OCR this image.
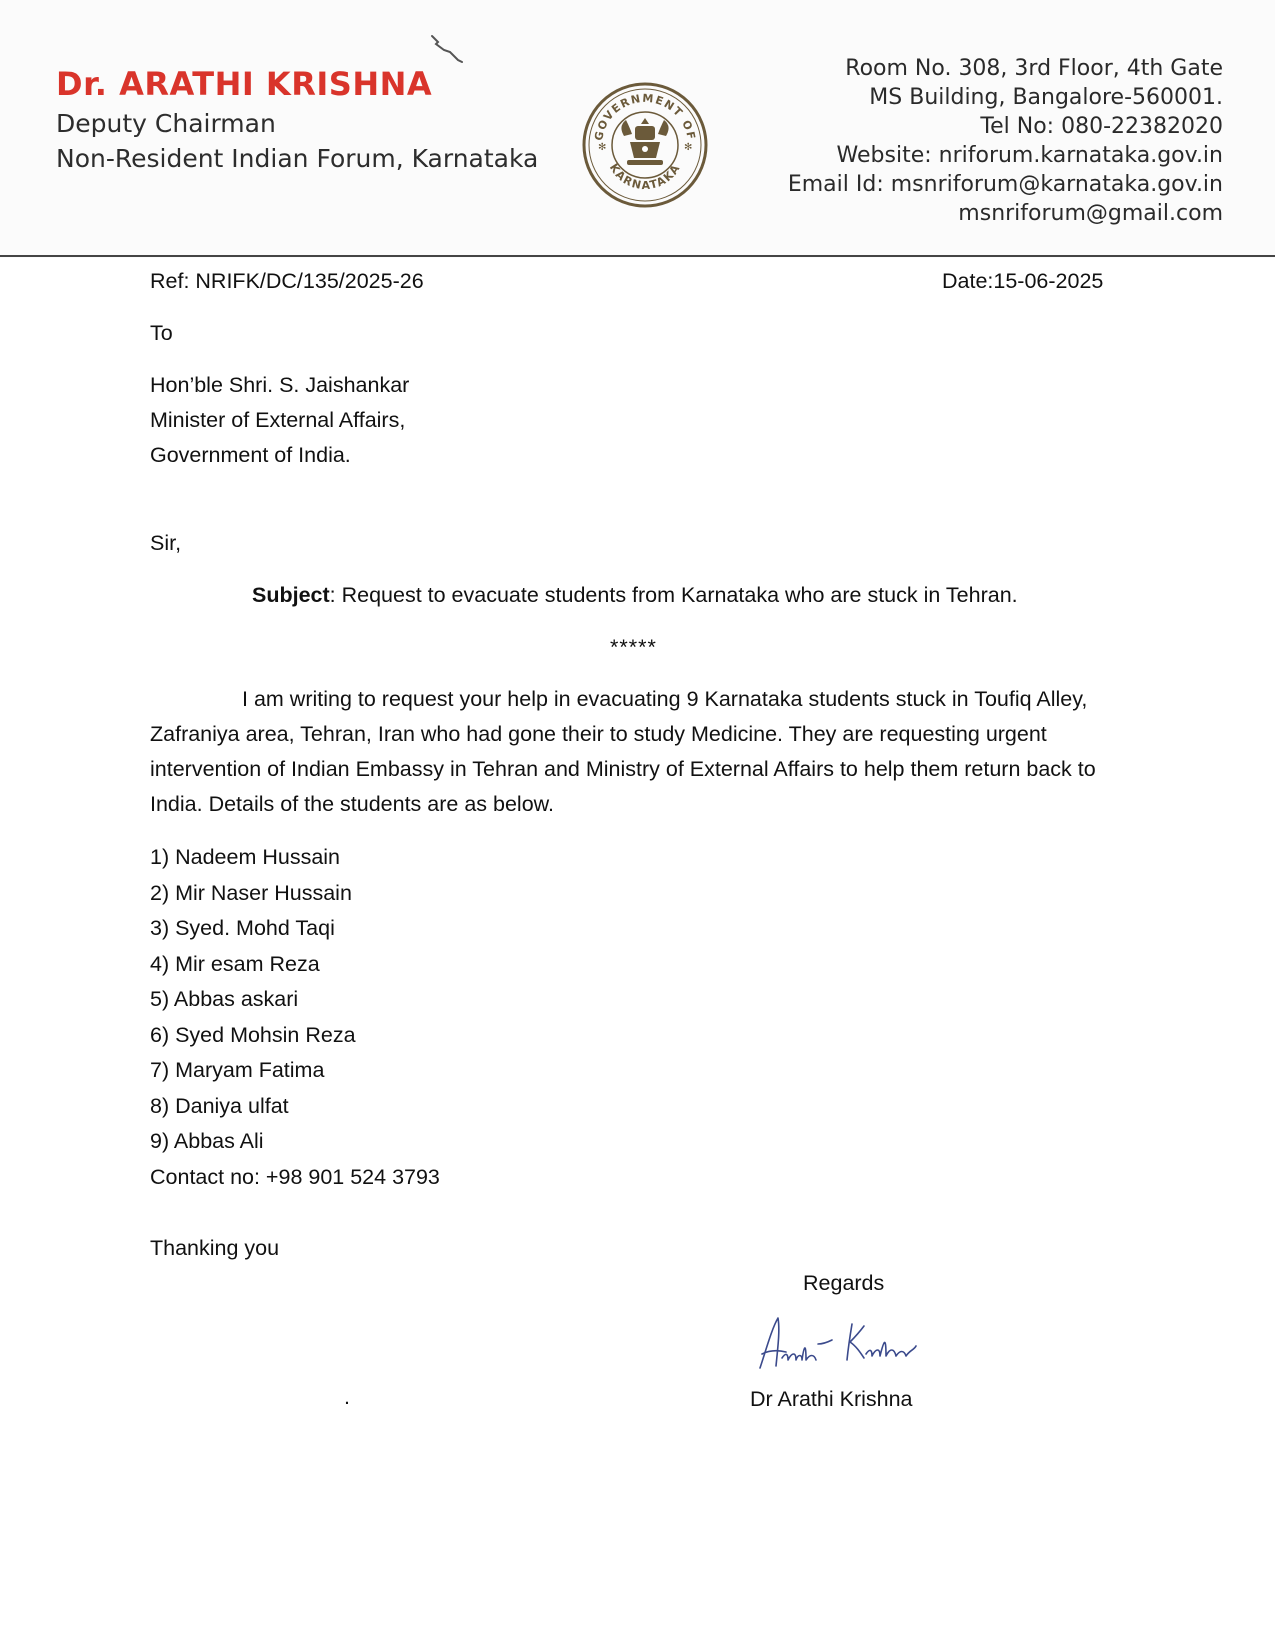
Dr. ARATHI KRISHNA
Deputy Chairman
Non-Resident Indian Forum, Karnataka
GOVERNMENT OF
KARNATAKA
✻	✻
Room No. 308, 3rd Floor, 4th Gate
MS Building, Bangalore-560001.
Tel No: 080-22382020
Website: nriforum.karnataka.gov.in
Email Id: msnriforum@karnataka.gov.in
msnriforum@gmail.com
Ref: NRIFK/DC/135/2025-26	Date:15-06-2025
To
Hon’ble Shri. S. Jaishankar
Minister of External Affairs,
Government of India.
Sir,
Subject: Request to evacuate students from Karnataka who are stuck in Tehran.
*****
I am writing to request your help in evacuating 9 Karnataka students stuck in Toufiq Alley, Zafraniya area, Tehran, Iran who had gone their to study Medicine. They are requesting urgent intervention of Indian Embassy in Tehran and Ministry of External Affairs to help them return back to India. Details of the students are as below.
1) Nadeem Hussain
2) Mir Naser Hussain
3) Syed. Mohd Taqi
4) Mir esam Reza
5) Abbas askari
6) Syed Mohsin Reza
7) Maryam Fatima
8) Daniya ulfat
9) Abbas Ali
Contact no: +98 901 524 3793
Thanking you
Regards
Dr Arathi Krishna
.
